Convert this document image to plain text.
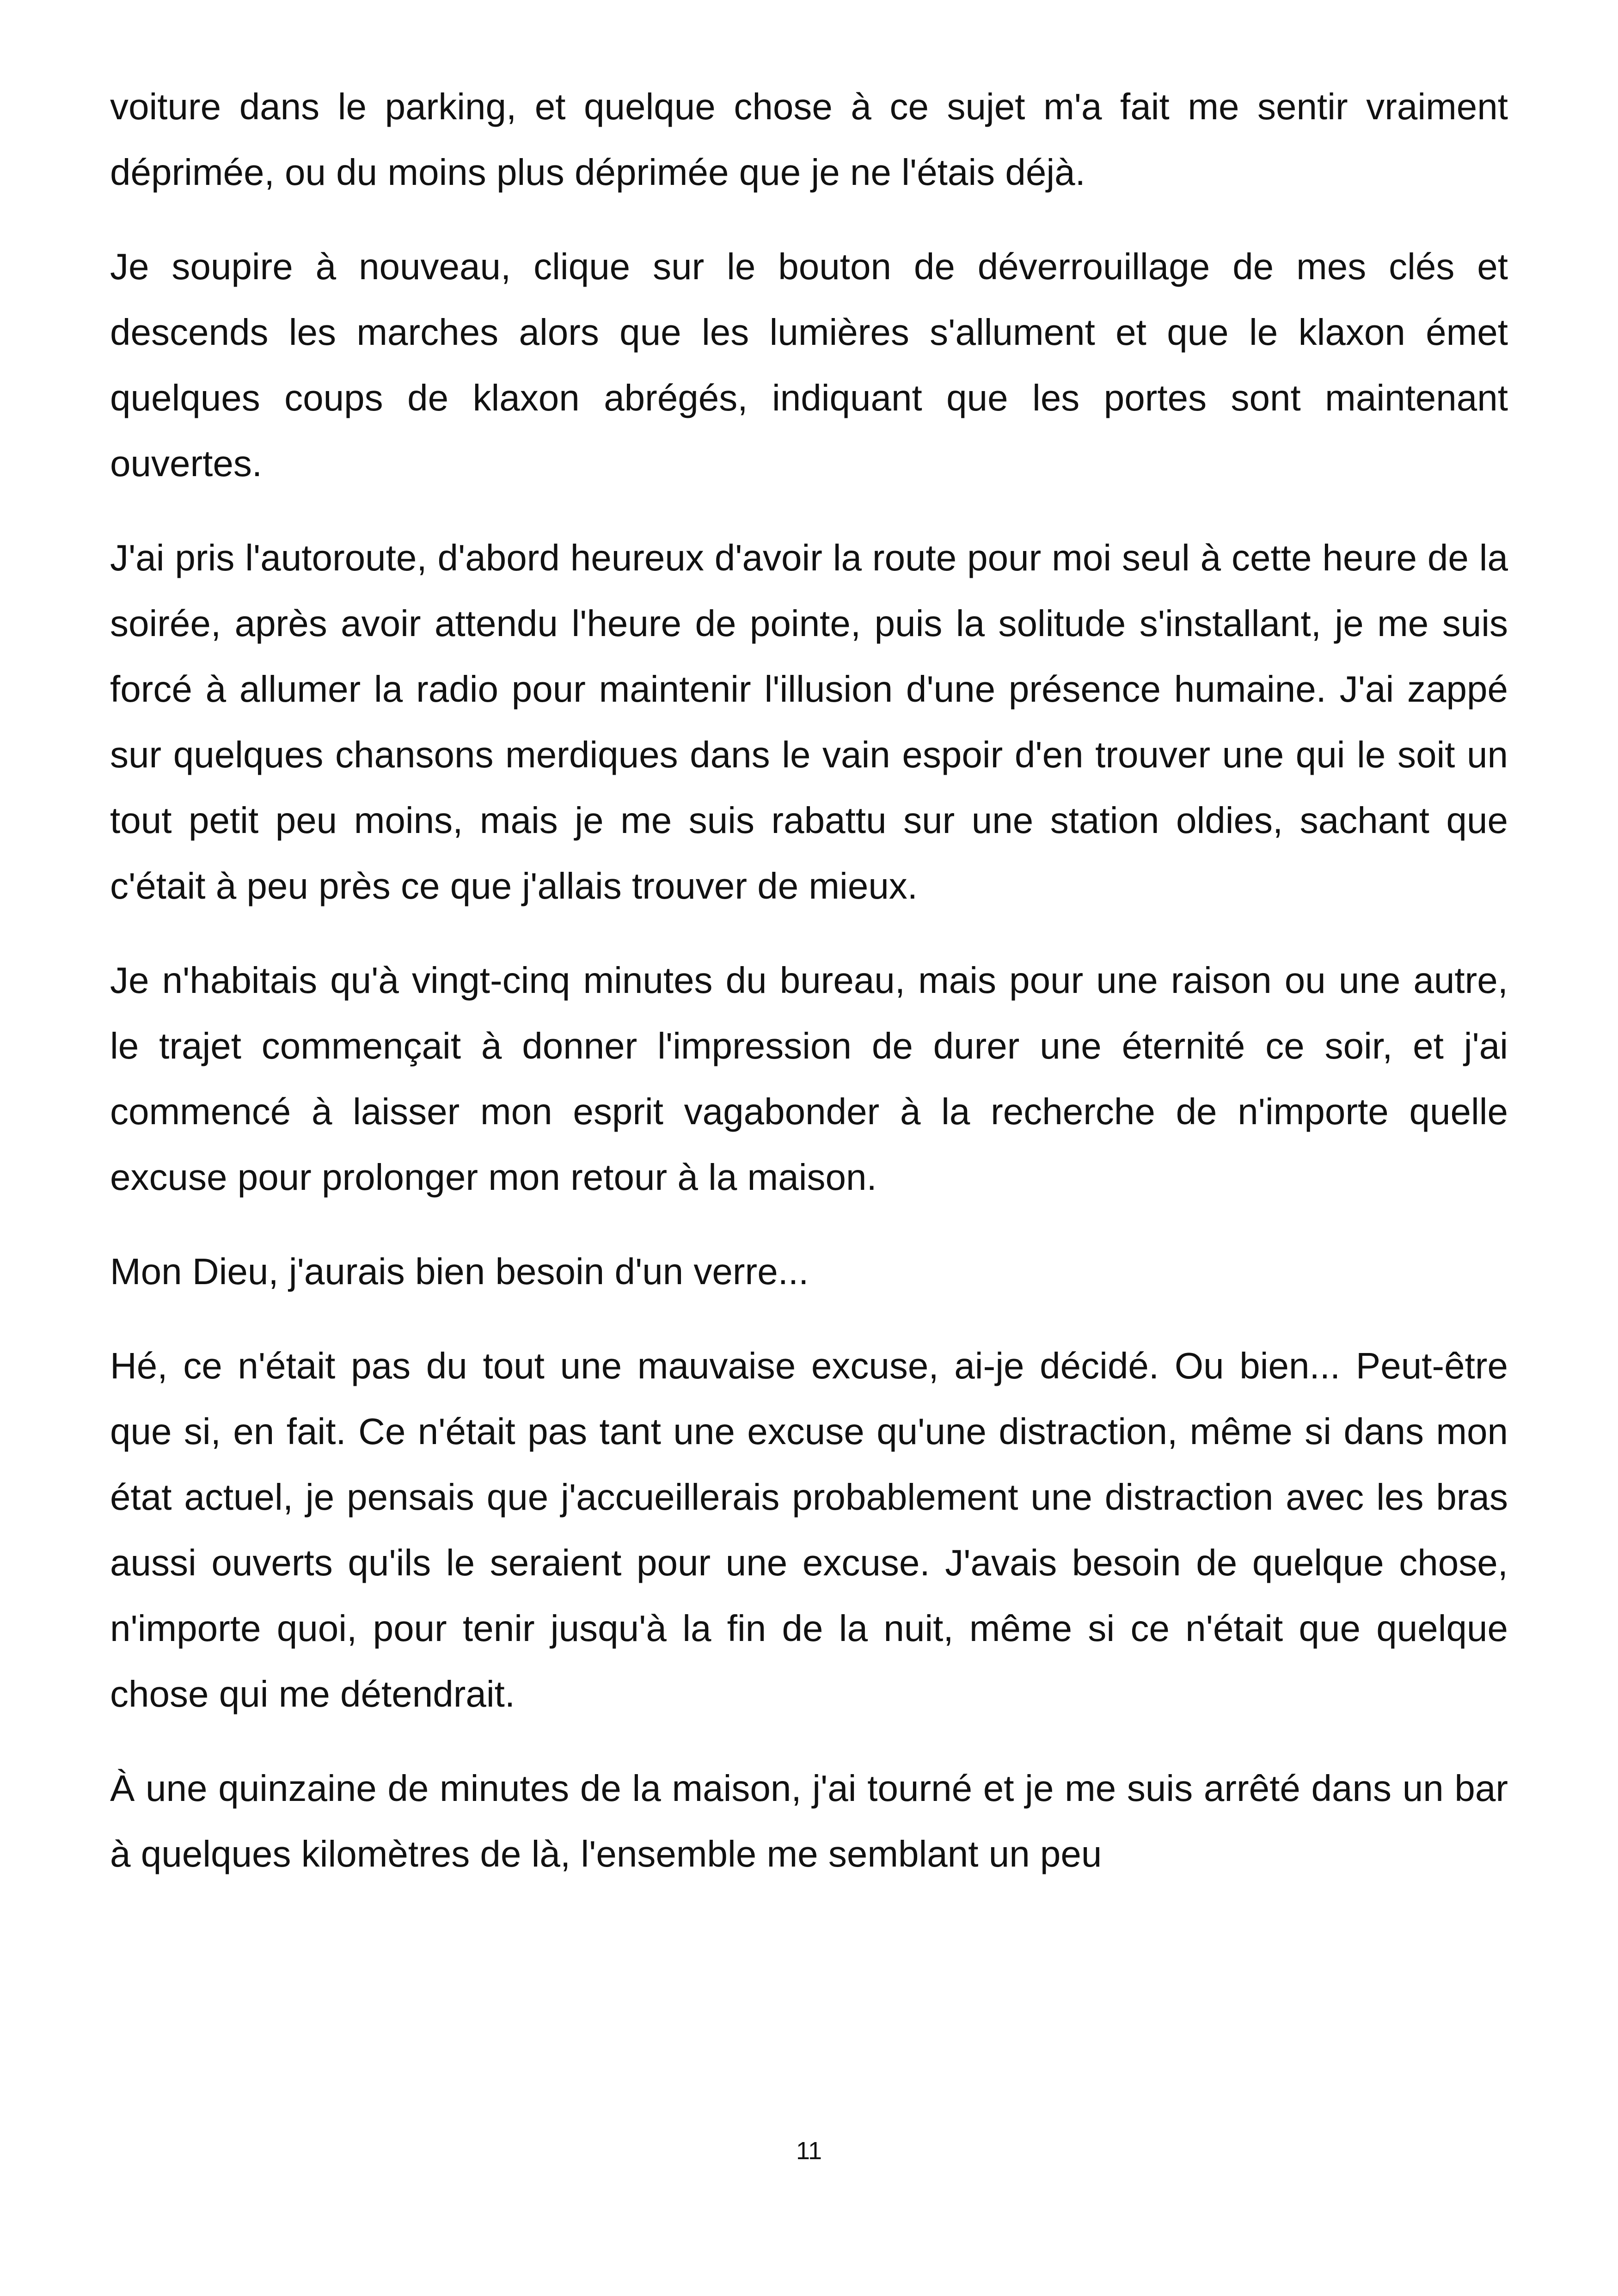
voiture dans le parking, et quelque chose à ce sujet m'a fait me sentir vraiment déprimée, ou du moins plus déprimée que je ne l'étais déjà.

Je soupire à nouveau, clique sur le bouton de déverrouillage de mes clés et descends les marches alors que les lumières s'allument et que le klaxon émet quelques coups de klaxon abrégés, indiquant que les portes sont maintenant ouvertes.

J'ai pris l'autoroute, d'abord heureux d'avoir la route pour moi seul à cette heure de la soirée, après avoir attendu l'heure de pointe, puis la solitude s'installant, je me suis forcé à allumer la radio pour maintenir l'illusion d'une présence humaine. J'ai zappé sur quelques chansons merdiques dans le vain espoir d'en trouver une qui le soit un tout petit peu moins, mais je me suis rabattu sur une station oldies, sachant que c'était à peu près ce que j'allais trouver de mieux.

Je n'habitais qu'à vingt-cinq minutes du bureau, mais pour une raison ou une autre, le trajet commençait à donner l'impression de durer une éternité ce soir, et j'ai commencé à laisser mon esprit vagabonder à la recherche de n'importe quelle excuse pour prolonger mon retour à la maison.

Mon Dieu, j'aurais bien besoin d'un verre...

Hé, ce n'était pas du tout une mauvaise excuse, ai-je décidé. Ou bien... Peut-être que si, en fait. Ce n'était pas tant une excuse qu'une distraction, même si dans mon état actuel, je pensais que j'accueillerais probablement une distraction avec les bras aussi ouverts qu'ils le seraient pour une excuse. J'avais besoin de quelque chose, n'importe quoi, pour tenir jusqu'à la fin de la nuit, même si ce n'était que quelque chose qui me détendrait.

À une quinzaine de minutes de la maison, j'ai tourné et je me suis arrêté dans un bar à quelques kilomètres de là, l'ensemble me semblant un peu

11
